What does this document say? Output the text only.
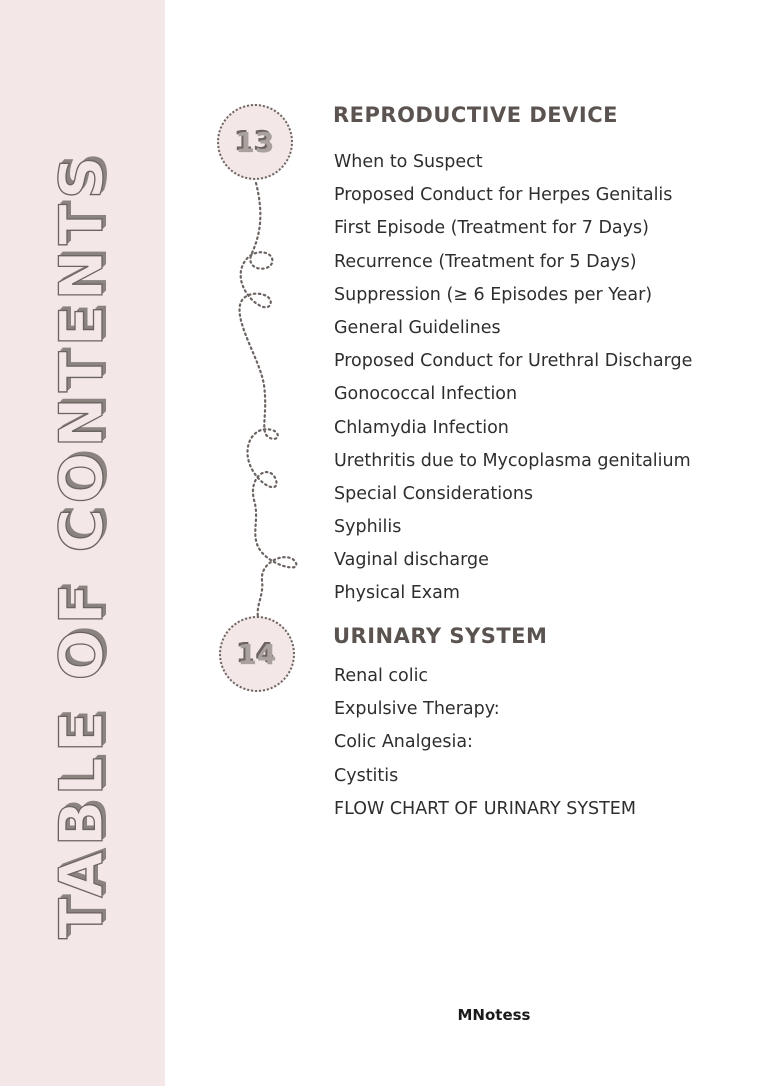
TABLE OF CONTENTS
13
REPRODUCTIVE DEVICE
When to Suspect
Proposed Conduct for Herpes Genitalis
First Episode (Treatment for 7 Days)
Recurrence (Treatment for 5 Days)
Suppression (≥ 6 Episodes per Year)
General Guidelines
Proposed Conduct for Urethral Discharge
Gonococcal Infection
Chlamydia Infection
Urethritis due to Mycoplasma genitalium
Special Considerations
Syphilis
Vaginal discharge
Physical Exam
14
URINARY SYSTEM
Renal colic
Expulsive Therapy:
Colic Analgesia:
Cystitis
FLOW CHART OF URINARY SYSTEM
MNotess
